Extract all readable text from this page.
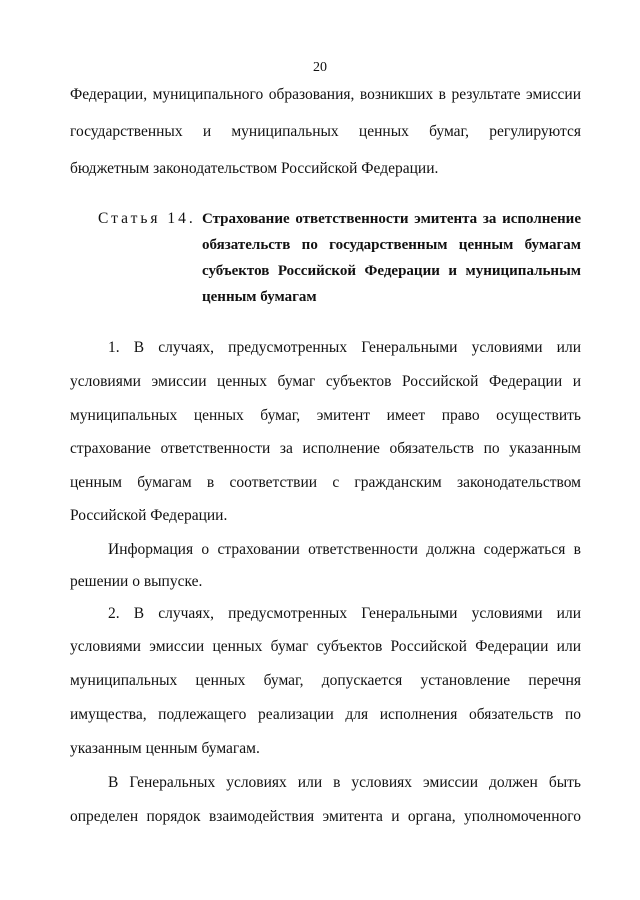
20
Федерации, муниципального образования, возникших в результате эмиссии
государственных и муниципальных ценных бумаг, регулируются
бюджетным законодательством Российской Федерации.
Статья 14. Страхование ответственности эмитента за исполнение
обязательств по государственным ценным бумагам
субъектов Российской Федерации и муниципальным
ценным бумагам
1. В случаях, предусмотренных Генеральными условиями или
условиями эмиссии ценных бумаг субъектов Российской Федерации и
муниципальных ценных бумаг, эмитент имеет право осуществить
страхование ответственности за исполнение обязательств по указанным
ценным бумагам в соответствии с гражданским законодательством
Российской Федерации.
Информация о страховании ответственности должна содержаться в
решении о выпуске.
2. В случаях, предусмотренных Генеральными условиями или
условиями эмиссии ценных бумаг субъектов Российской Федерации или
муниципальных ценных бумаг, допускается установление перечня
имущества, подлежащего реализации для исполнения обязательств по
указанным ценным бумагам.
В Генеральных условиях или в условиях эмиссии должен быть
определен порядок взаимодействия эмитента и органа, уполномоченного
